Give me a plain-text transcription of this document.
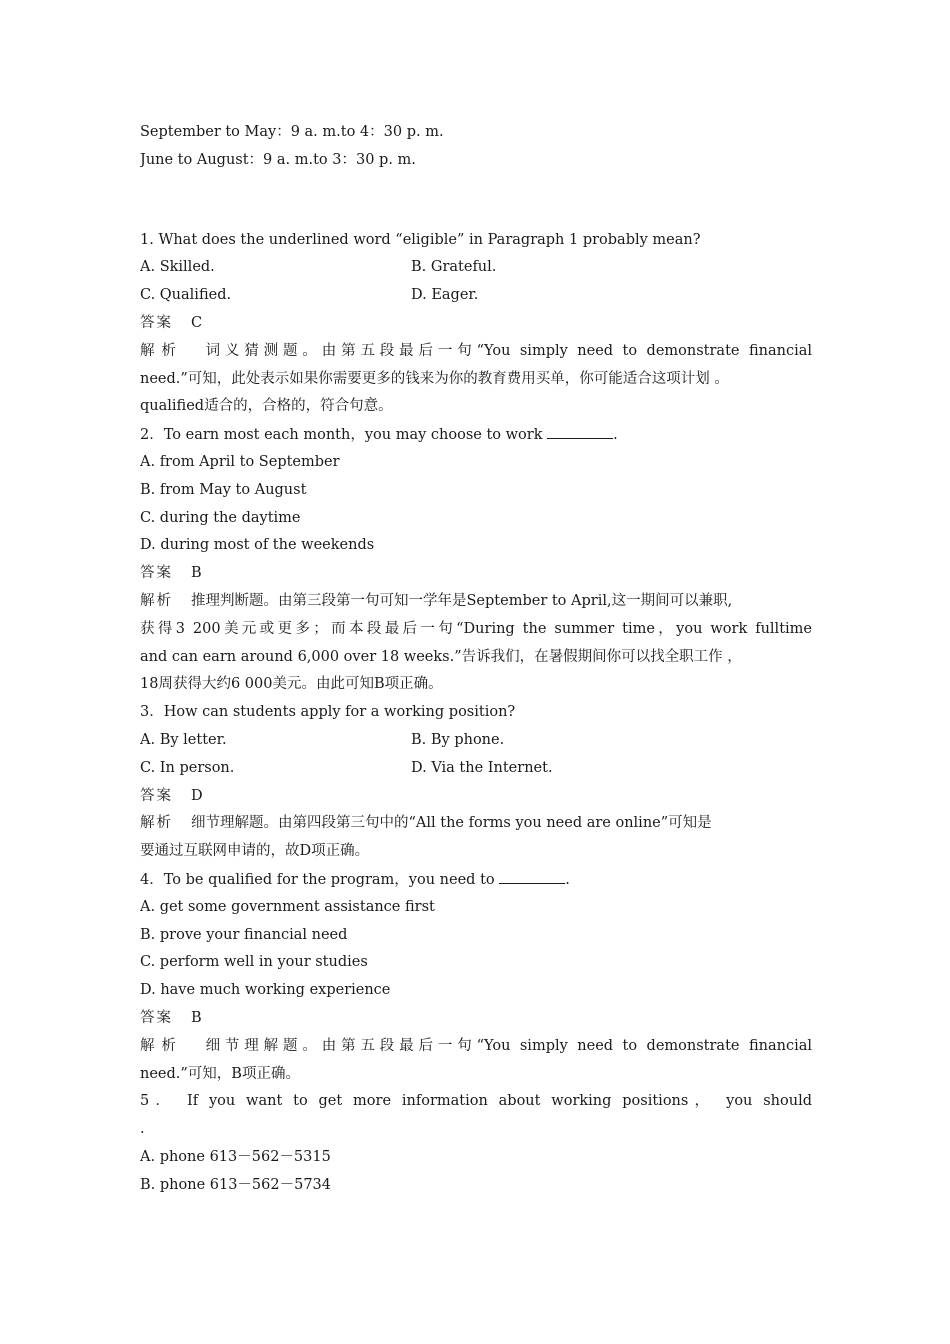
September to May：9 a. m.to 4：30 p. m.
June to August：9 a. m.to 3：30 p. m.
1. What does the underlined word “eligible” in Paragraph 1 probably mean?
A. Skilled.	B. Grateful.
C. Qualified.	D. Eager.
答案 C
解析 词义猜测题。由第五段最后一句“You simply need to demonstrate financial
need.”可知，此处表示如果你需要更多的钱来为你的教育费用买单，你可能适合这项计划 。
qualified适合的，合格的，符合句意。
2．To earn most each month，you may choose to work	.
A. from April to September
B. from May to August
C. during the daytime
D. during most of the weekends
答案 B
解析 推理判断题。由第三段第一句可知一学年是September to April,这一期间可以兼职,
获得3 200美元或更多；而本段最后一句“During the summer time，you work fulltime
and can earn around 6,000 over 18 weeks.”告诉我们，在暑假期间你可以找全职工作 ，
18周获得大约6 000美元。由此可知B项正确。
3．How can students apply for a working position?
A. By letter.	B. By phone.
C. In person.	D. Via the Internet.
答案 D
解析 细节理解题。由第四段第三句中的“All the forms you need are online”可知是
要通过互联网申请的，故D项正确。
4．To be qualified for the program，you need to	.
A. get some government assistance first
B. prove your financial need
C. perform well in your studies
D. have much working experience
答案 B
解析 细节理解题。由第五段最后一句“You simply need to demonstrate financial
need.”可知，B项正确。
5． If you want to get more information about working positions， you should
.
A. phone 613－562－5315
B. phone 613－562－5734
